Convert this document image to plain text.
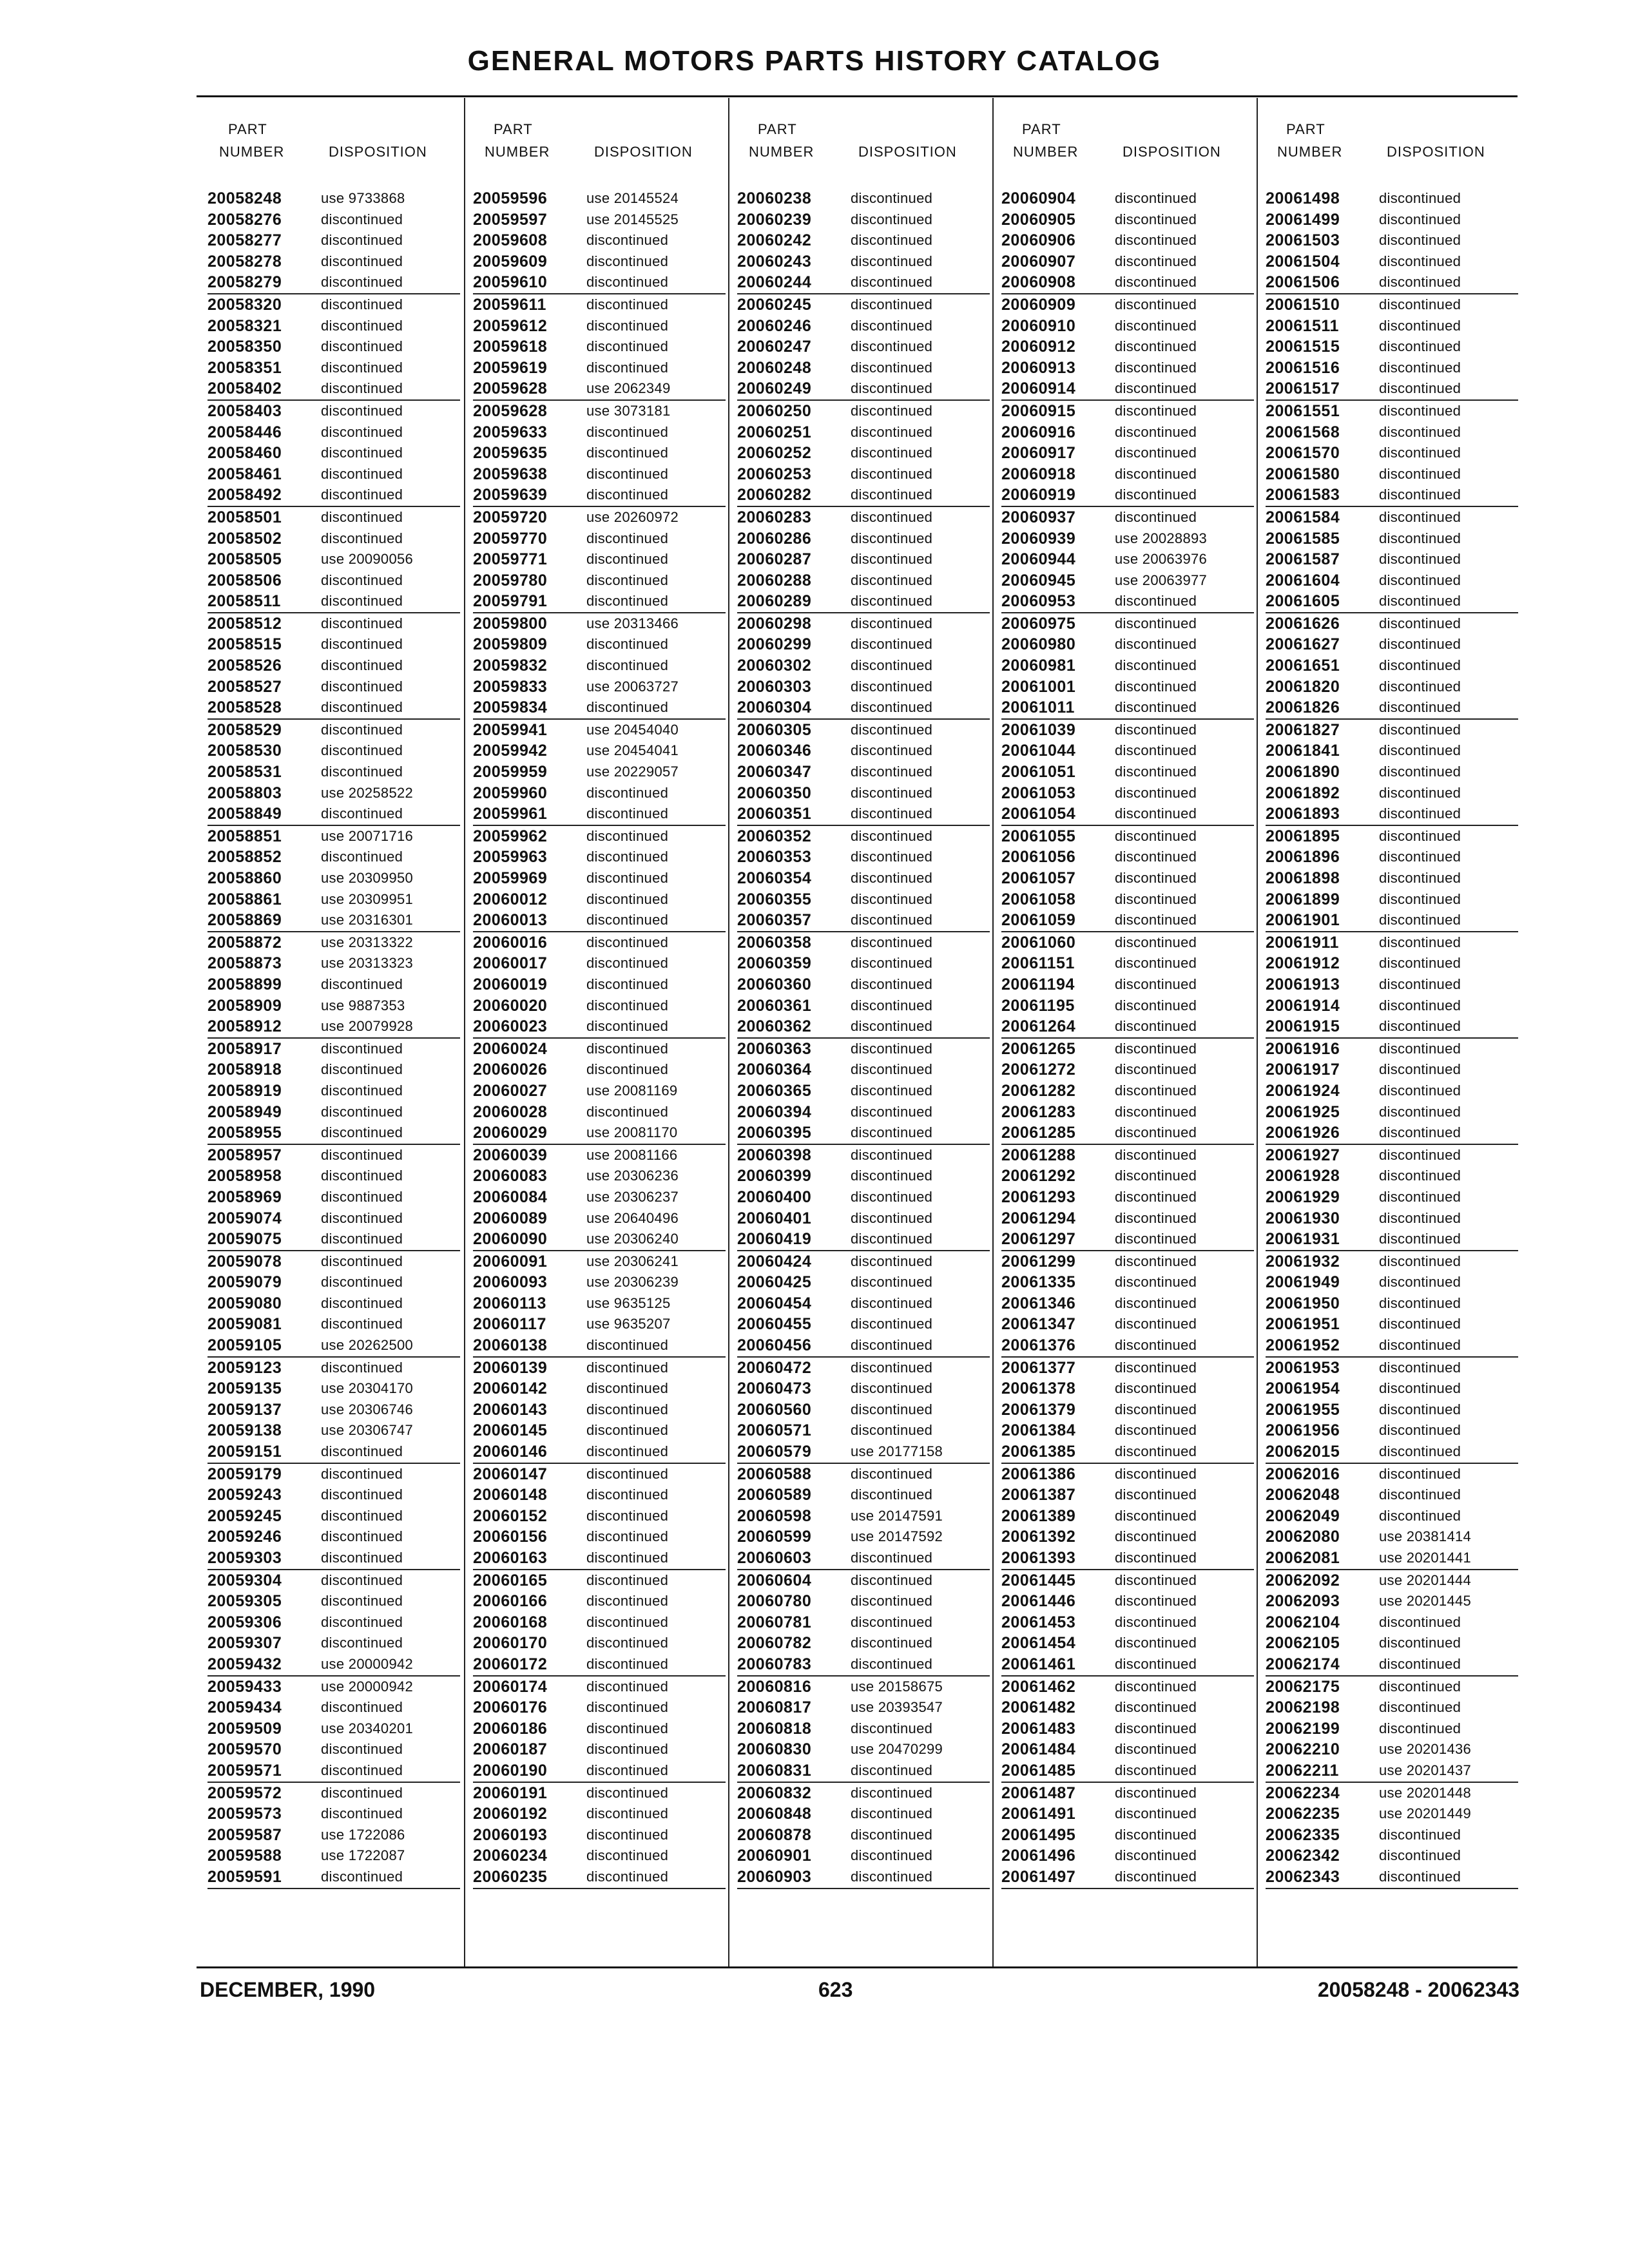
GENERAL MOTORS PARTS HISTORY CATALOG
PART
NUMBER	DISPOSITION
20058248	use 9733868
20058276	discontinued
20058277	discontinued
20058278	discontinued
20058279	discontinued
20058320	discontinued
20058321	discontinued
20058350	discontinued
20058351	discontinued
20058402	discontinued
20058403	discontinued
20058446	discontinued
20058460	discontinued
20058461	discontinued
20058492	discontinued
20058501	discontinued
20058502	discontinued
20058505	use 20090056
20058506	discontinued
20058511	discontinued
20058512	discontinued
20058515	discontinued
20058526	discontinued
20058527	discontinued
20058528	discontinued
20058529	discontinued
20058530	discontinued
20058531	discontinued
20058803	use 20258522
20058849	discontinued
20058851	use 20071716
20058852	discontinued
20058860	use 20309950
20058861	use 20309951
20058869	use 20316301
20058872	use 20313322
20058873	use 20313323
20058899	discontinued
20058909	use 9887353
20058912	use 20079928
20058917	discontinued
20058918	discontinued
20058919	discontinued
20058949	discontinued
20058955	discontinued
20058957	discontinued
20058958	discontinued
20058969	discontinued
20059074	discontinued
20059075	discontinued
20059078	discontinued
20059079	discontinued
20059080	discontinued
20059081	discontinued
20059105	use 20262500
20059123	discontinued
20059135	use 20304170
20059137	use 20306746
20059138	use 20306747
20059151	discontinued
20059179	discontinued
20059243	discontinued
20059245	discontinued
20059246	discontinued
20059303	discontinued
20059304	discontinued
20059305	discontinued
20059306	discontinued
20059307	discontinued
20059432	use 20000942
20059433	use 20000942
20059434	discontinued
20059509	use 20340201
20059570	discontinued
20059571	discontinued
20059572	discontinued
20059573	discontinued
20059587	use 1722086
20059588	use 1722087
20059591	discontinued
PART
NUMBER	DISPOSITION
20059596	use 20145524
20059597	use 20145525
20059608	discontinued
20059609	discontinued
20059610	discontinued
20059611	discontinued
20059612	discontinued
20059618	discontinued
20059619	discontinued
20059628	use 2062349
20059628	use 3073181
20059633	discontinued
20059635	discontinued
20059638	discontinued
20059639	discontinued
20059720	use 20260972
20059770	discontinued
20059771	discontinued
20059780	discontinued
20059791	discontinued
20059800	use 20313466
20059809	discontinued
20059832	discontinued
20059833	use 20063727
20059834	discontinued
20059941	use 20454040
20059942	use 20454041
20059959	use 20229057
20059960	discontinued
20059961	discontinued
20059962	discontinued
20059963	discontinued
20059969	discontinued
20060012	discontinued
20060013	discontinued
20060016	discontinued
20060017	discontinued
20060019	discontinued
20060020	discontinued
20060023	discontinued
20060024	discontinued
20060026	discontinued
20060027	use 20081169
20060028	discontinued
20060029	use 20081170
20060039	use 20081166
20060083	use 20306236
20060084	use 20306237
20060089	use 20640496
20060090	use 20306240
20060091	use 20306241
20060093	use 20306239
20060113	use 9635125
20060117	use 9635207
20060138	discontinued
20060139	discontinued
20060142	discontinued
20060143	discontinued
20060145	discontinued
20060146	discontinued
20060147	discontinued
20060148	discontinued
20060152	discontinued
20060156	discontinued
20060163	discontinued
20060165	discontinued
20060166	discontinued
20060168	discontinued
20060170	discontinued
20060172	discontinued
20060174	discontinued
20060176	discontinued
20060186	discontinued
20060187	discontinued
20060190	discontinued
20060191	discontinued
20060192	discontinued
20060193	discontinued
20060234	discontinued
20060235	discontinued
PART
NUMBER	DISPOSITION
20060238	discontinued
20060239	discontinued
20060242	discontinued
20060243	discontinued
20060244	discontinued
20060245	discontinued
20060246	discontinued
20060247	discontinued
20060248	discontinued
20060249	discontinued
20060250	discontinued
20060251	discontinued
20060252	discontinued
20060253	discontinued
20060282	discontinued
20060283	discontinued
20060286	discontinued
20060287	discontinued
20060288	discontinued
20060289	discontinued
20060298	discontinued
20060299	discontinued
20060302	discontinued
20060303	discontinued
20060304	discontinued
20060305	discontinued
20060346	discontinued
20060347	discontinued
20060350	discontinued
20060351	discontinued
20060352	discontinued
20060353	discontinued
20060354	discontinued
20060355	discontinued
20060357	discontinued
20060358	discontinued
20060359	discontinued
20060360	discontinued
20060361	discontinued
20060362	discontinued
20060363	discontinued
20060364	discontinued
20060365	discontinued
20060394	discontinued
20060395	discontinued
20060398	discontinued
20060399	discontinued
20060400	discontinued
20060401	discontinued
20060419	discontinued
20060424	discontinued
20060425	discontinued
20060454	discontinued
20060455	discontinued
20060456	discontinued
20060472	discontinued
20060473	discontinued
20060560	discontinued
20060571	discontinued
20060579	use 20177158
20060588	discontinued
20060589	discontinued
20060598	use 20147591
20060599	use 20147592
20060603	discontinued
20060604	discontinued
20060780	discontinued
20060781	discontinued
20060782	discontinued
20060783	discontinued
20060816	use 20158675
20060817	use 20393547
20060818	discontinued
20060830	use 20470299
20060831	discontinued
20060832	discontinued
20060848	discontinued
20060878	discontinued
20060901	discontinued
20060903	discontinued
PART
NUMBER	DISPOSITION
20060904	discontinued
20060905	discontinued
20060906	discontinued
20060907	discontinued
20060908	discontinued
20060909	discontinued
20060910	discontinued
20060912	discontinued
20060913	discontinued
20060914	discontinued
20060915	discontinued
20060916	discontinued
20060917	discontinued
20060918	discontinued
20060919	discontinued
20060937	discontinued
20060939	use 20028893
20060944	use 20063976
20060945	use 20063977
20060953	discontinued
20060975	discontinued
20060980	discontinued
20060981	discontinued
20061001	discontinued
20061011	discontinued
20061039	discontinued
20061044	discontinued
20061051	discontinued
20061053	discontinued
20061054	discontinued
20061055	discontinued
20061056	discontinued
20061057	discontinued
20061058	discontinued
20061059	discontinued
20061060	discontinued
20061151	discontinued
20061194	discontinued
20061195	discontinued
20061264	discontinued
20061265	discontinued
20061272	discontinued
20061282	discontinued
20061283	discontinued
20061285	discontinued
20061288	discontinued
20061292	discontinued
20061293	discontinued
20061294	discontinued
20061297	discontinued
20061299	discontinued
20061335	discontinued
20061346	discontinued
20061347	discontinued
20061376	discontinued
20061377	discontinued
20061378	discontinued
20061379	discontinued
20061384	discontinued
20061385	discontinued
20061386	discontinued
20061387	discontinued
20061389	discontinued
20061392	discontinued
20061393	discontinued
20061445	discontinued
20061446	discontinued
20061453	discontinued
20061454	discontinued
20061461	discontinued
20061462	discontinued
20061482	discontinued
20061483	discontinued
20061484	discontinued
20061485	discontinued
20061487	discontinued
20061491	discontinued
20061495	discontinued
20061496	discontinued
20061497	discontinued
PART
NUMBER	DISPOSITION
20061498	discontinued
20061499	discontinued
20061503	discontinued
20061504	discontinued
20061506	discontinued
20061510	discontinued
20061511	discontinued
20061515	discontinued
20061516	discontinued
20061517	discontinued
20061551	discontinued
20061568	discontinued
20061570	discontinued
20061580	discontinued
20061583	discontinued
20061584	discontinued
20061585	discontinued
20061587	discontinued
20061604	discontinued
20061605	discontinued
20061626	discontinued
20061627	discontinued
20061651	discontinued
20061820	discontinued
20061826	discontinued
20061827	discontinued
20061841	discontinued
20061890	discontinued
20061892	discontinued
20061893	discontinued
20061895	discontinued
20061896	discontinued
20061898	discontinued
20061899	discontinued
20061901	discontinued
20061911	discontinued
20061912	discontinued
20061913	discontinued
20061914	discontinued
20061915	discontinued
20061916	discontinued
20061917	discontinued
20061924	discontinued
20061925	discontinued
20061926	discontinued
20061927	discontinued
20061928	discontinued
20061929	discontinued
20061930	discontinued
20061931	discontinued
20061932	discontinued
20061949	discontinued
20061950	discontinued
20061951	discontinued
20061952	discontinued
20061953	discontinued
20061954	discontinued
20061955	discontinued
20061956	discontinued
20062015	discontinued
20062016	discontinued
20062048	discontinued
20062049	discontinued
20062080	use 20381414
20062081	use 20201441
20062092	use 20201444
20062093	use 20201445
20062104	discontinued
20062105	discontinued
20062174	discontinued
20062175	discontinued
20062198	discontinued
20062199	discontinued
20062210	use 20201436
20062211	use 20201437
20062234	use 20201448
20062235	use 20201449
20062335	discontinued
20062342	discontinued
20062343	discontinued
DECEMBER, 1990	623	20058248 - 20062343
